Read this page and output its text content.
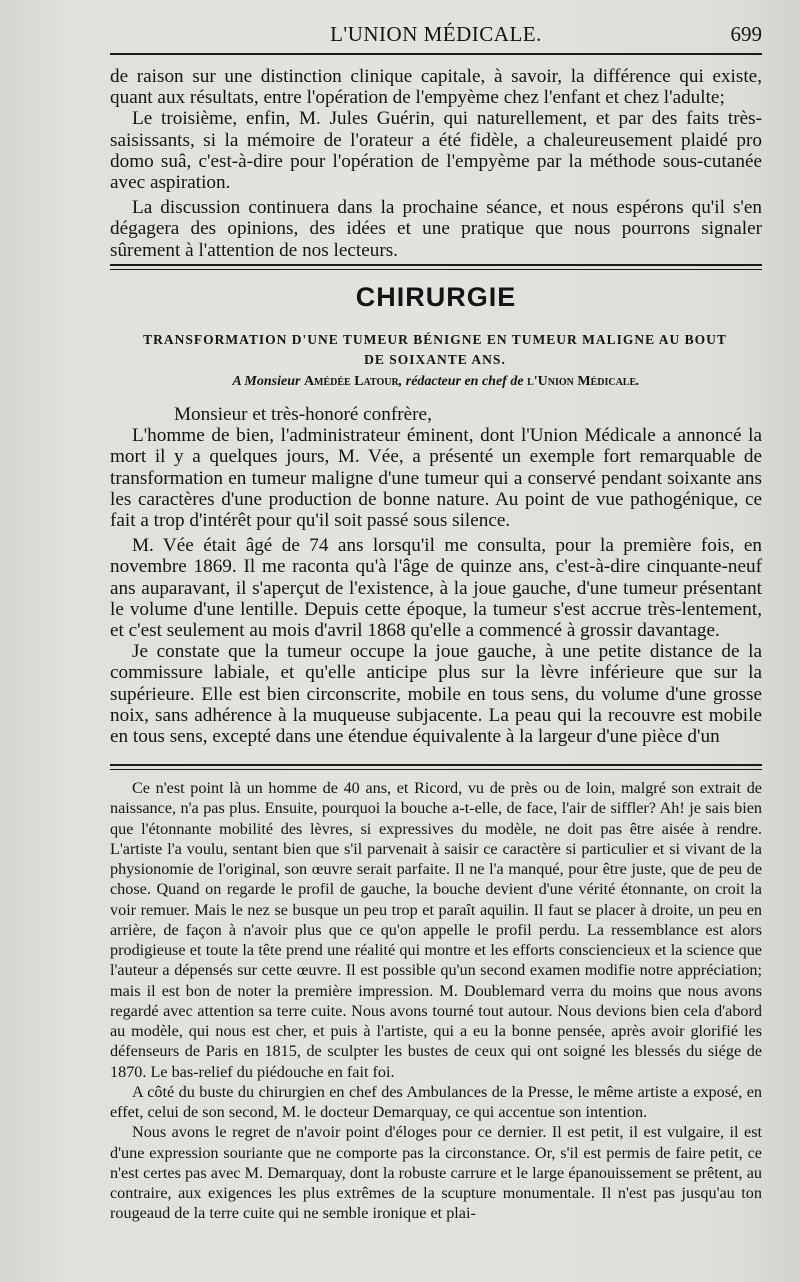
L'UNION MÉDICALE.	699

de raison sur une distinction clinique capitale, à savoir, la différence qui existe, quant aux résultats, entre l'opération de l'empyème chez l'enfant et chez l'adulte;

Le troisième, enfin, M. Jules Guérin, qui naturellement, et par des faits très-saisissants, si la mémoire de l'orateur a été fidèle, a chaleureusement plaidé pro domo suâ, c'est-à-dire pour l'opération de l'empyème par la méthode sous-cutanée avec aspiration.

La discussion continuera dans la prochaine séance, et nous espérons qu'il s'en dégagera des opinions, des idées et une pratique que nous pourrons signaler sûrement à l'attention de nos lecteurs.

CHIRURGIE
TRANSFORMATION D'UNE TUMEUR BÉNIGNE EN TUMEUR MALIGNE AU BOUT DE SOIXANTE ANS.
A Monsieur Amédée Latour, rédacteur en chef de l'Union Médicale.

Monsieur et très-honoré confrère,

L'homme de bien, l'administrateur éminent, dont l'Union Médicale a annoncé la mort il y a quelques jours, M. Vée, a présenté un exemple fort remarquable de transformation en tumeur maligne d'une tumeur qui a conservé pendant soixante ans les caractères d'une production de bonne nature. Au point de vue pathogénique, ce fait a trop d'intérêt pour qu'il soit passé sous silence.

M. Vée était âgé de 74 ans lorsqu'il me consulta, pour la première fois, en novembre 1869. Il me raconta qu'à l'âge de quinze ans, c'est-à-dire cinquante-neuf ans auparavant, il s'aperçut de l'existence, à la joue gauche, d'une tumeur présentant le volume d'une lentille. Depuis cette époque, la tumeur s'est accrue très-lentement, et c'est seulement au mois d'avril 1868 qu'elle a commencé à grossir davantage.

Je constate que la tumeur occupe la joue gauche, à une petite distance de la commissure labiale, et qu'elle anticipe plus sur la lèvre inférieure que sur la supérieure. Elle est bien circonscrite, mobile en tous sens, du volume d'une grosse noix, sans adhérence à la muqueuse subjacente. La peau qui la recouvre est mobile en tous sens, excepté dans une étendue équivalente à la largeur d'une pièce d'un

Ce n'est point là un homme de 40 ans, et Ricord, vu de près ou de loin, malgré son extrait de naissance, n'a pas plus. Ensuite, pourquoi la bouche a-t-elle, de face, l'air de siffler? Ah! je sais bien que l'étonnante mobilité des lèvres, si expressives du modèle, ne doit pas être aisée à rendre. L'artiste l'a voulu, sentant bien que s'il parvenait à saisir ce caractère si particulier et si vivant de la physionomie de l'original, son œuvre serait parfaite. Il ne l'a manqué, pour être juste, que de peu de chose. Quand on regarde le profil de gauche, la bouche devient d'une vérité étonnante, on croit la voir remuer. Mais le nez se busque un peu trop et paraît aquilin. Il faut se placer à droite, un peu en arrière, de façon à n'avoir plus que ce qu'on appelle le profil perdu. La ressemblance est alors prodigieuse et toute la tête prend une réalité qui montre et les efforts consciencieux et la science que l'auteur a dépensés sur cette œuvre. Il est possible qu'un second examen modifie notre appréciation; mais il est bon de noter la première impression. M. Doublemard verra du moins que nous avons regardé avec attention sa terre cuite. Nous avons tourné tout autour. Nous devions bien cela d'abord au modèle, qui nous est cher, et puis à l'artiste, qui a eu la bonne pensée, après avoir glorifié les défenseurs de Paris en 1815, de sculpter les bustes de ceux qui ont soigné les blessés du siége de 1870. Le bas-relief du piédouche en fait foi.

A côté du buste du chirurgien en chef des Ambulances de la Presse, le même artiste a exposé, en effet, celui de son second, M. le docteur Demarquay, ce qui accentue son intention.

Nous avons le regret de n'avoir point d'éloges pour ce dernier. Il est petit, il est vulgaire, il est d'une expression souriante que ne comporte pas la circonstance. Or, s'il est permis de faire petit, ce n'est certes pas avec M. Demarquay, dont la robuste carrure et le large épanouissement se prêtent, au contraire, aux exigences les plus extrêmes de la scupture monumentale. Il n'est pas jusqu'au ton rougeaud de la terre cuite qui ne semble ironique et plai-
